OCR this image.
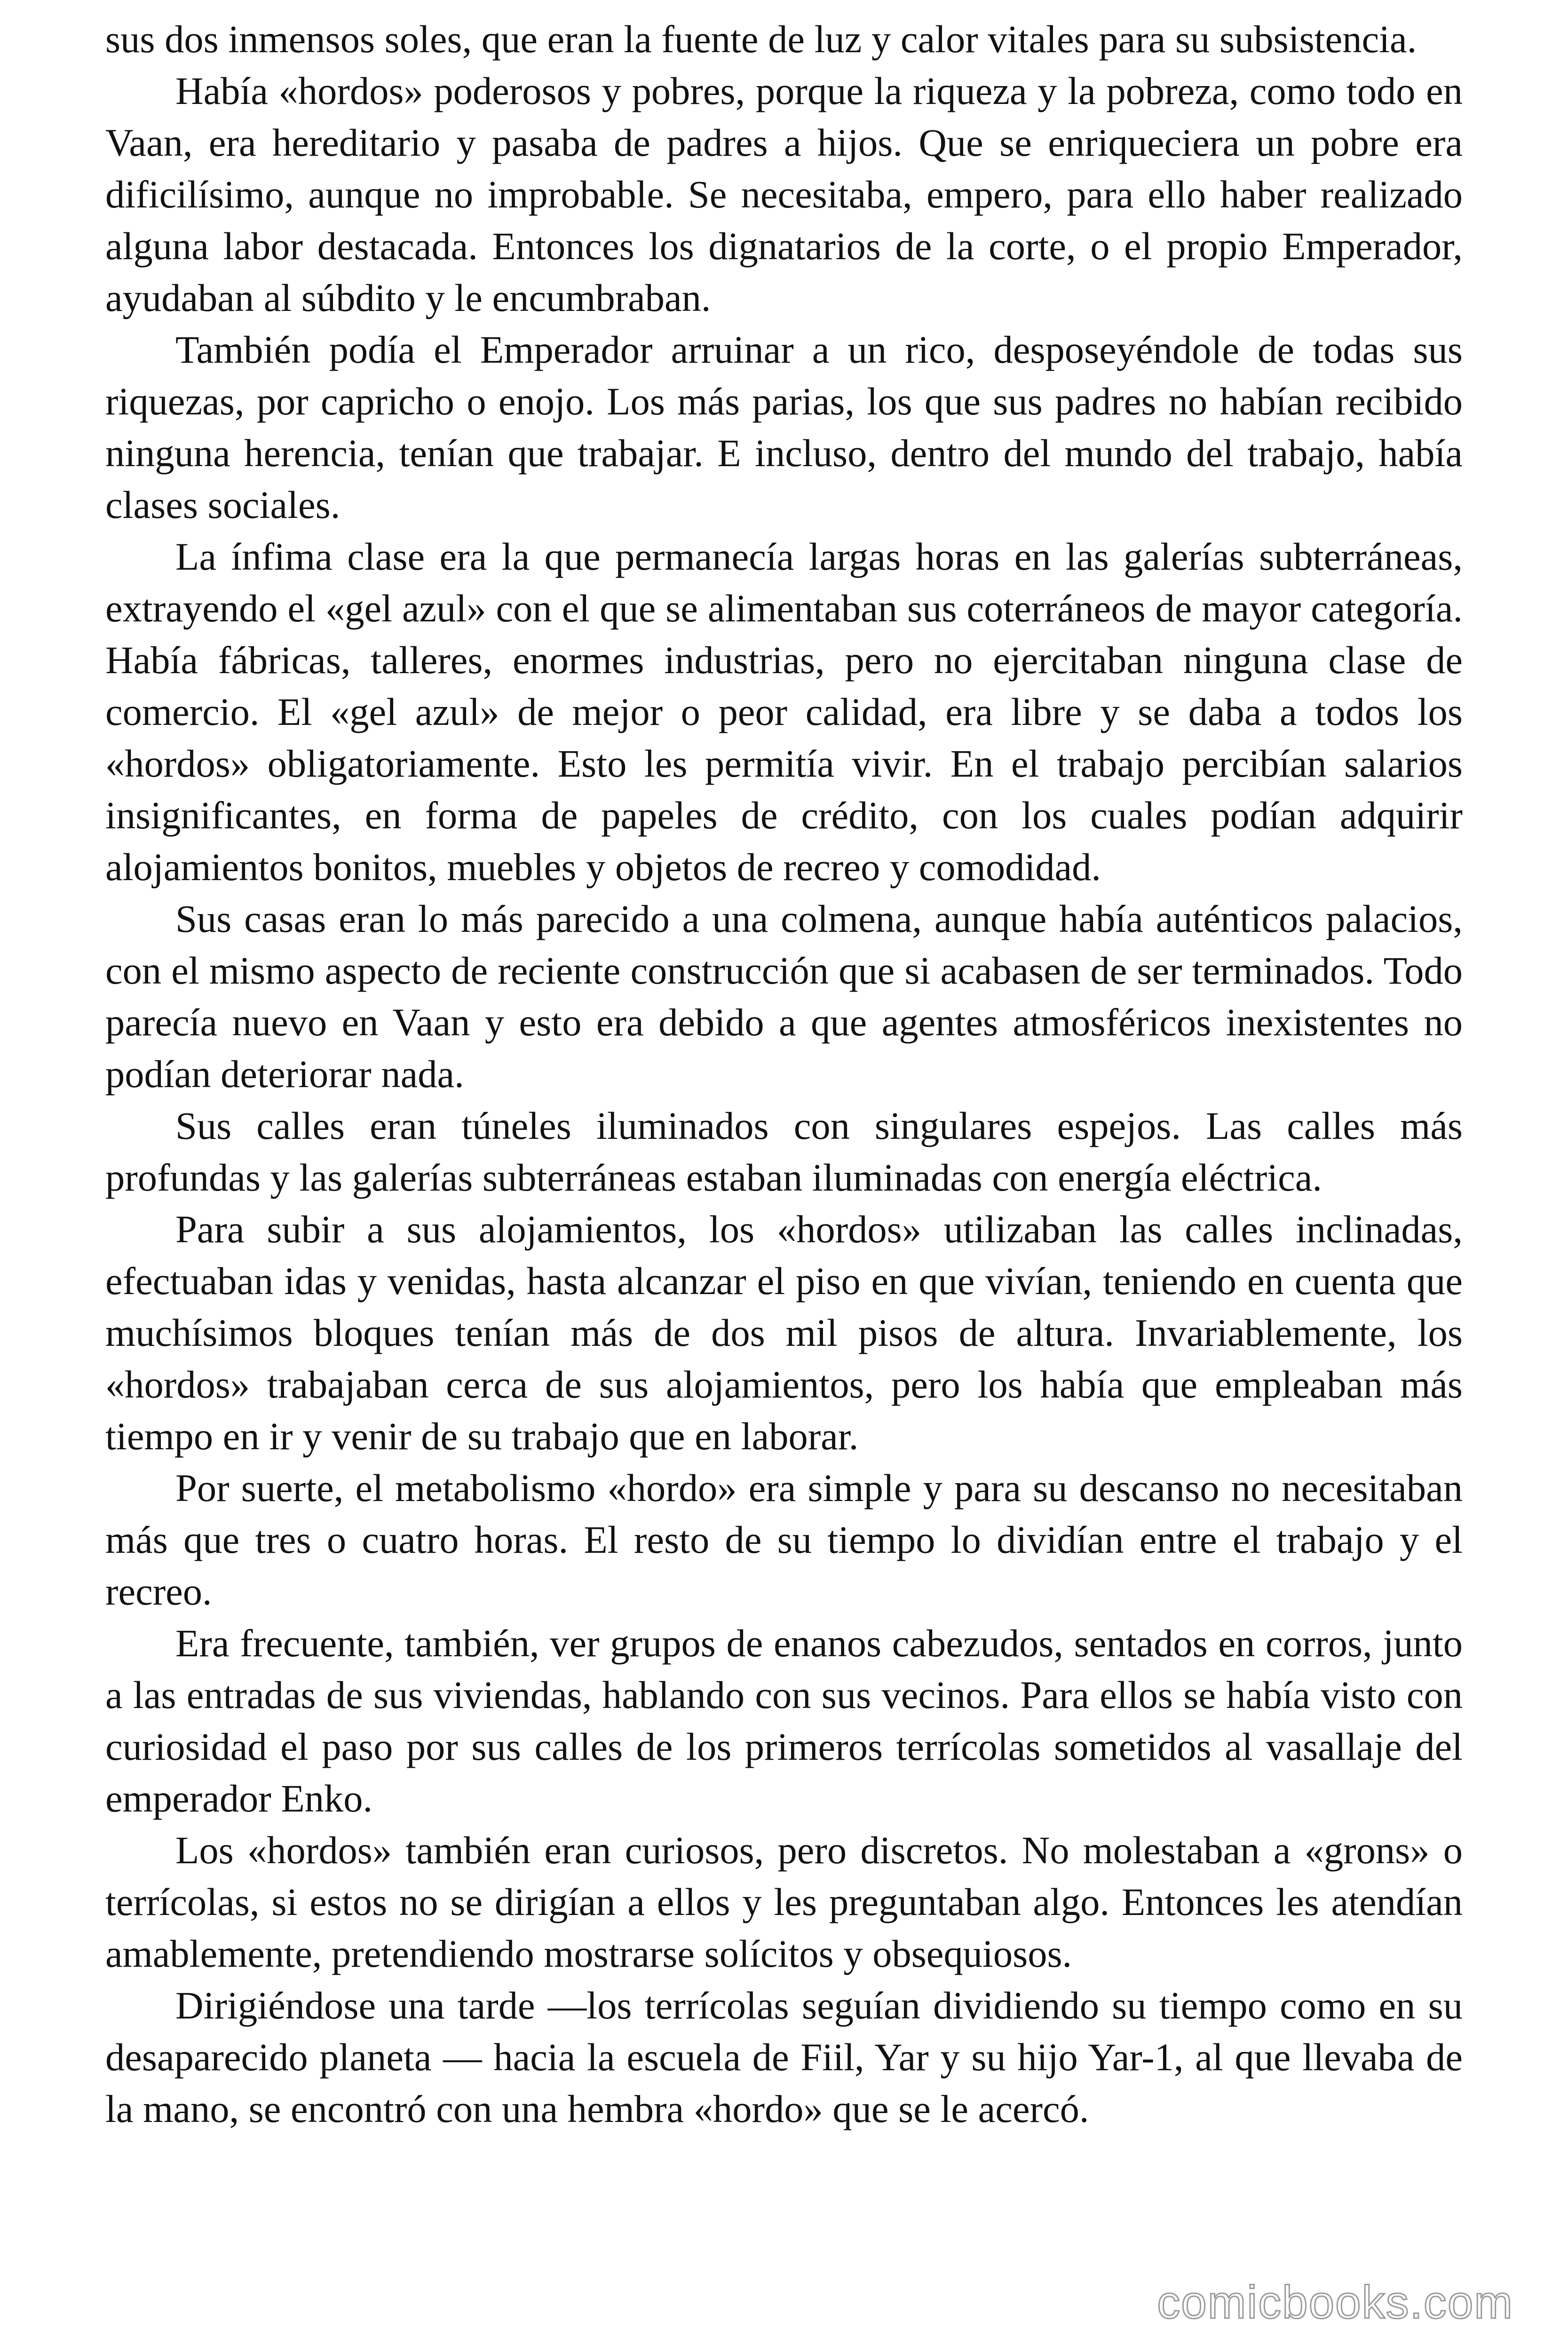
sus dos inmensos soles, que eran la fuente de luz y calor vitales para su subsistencia.

Había «hordos» poderosos y pobres, porque la riqueza y la pobreza, como todo en Vaan, era hereditario y pasaba de padres a hijos. Que se enriqueciera un pobre era dificilísimo, aunque no improbable. Se necesitaba, empero, para ello haber realizado alguna labor destacada. Entonces los dignatarios de la corte, o el propio Emperador, ayudaban al súbdito y le encumbraban.

También podía el Emperador arruinar a un rico, desposeyéndole de todas sus riquezas, por capricho o enojo. Los más parias, los que sus padres no habían recibido ninguna herencia, tenían que trabajar. E incluso, dentro del mundo del trabajo, había clases sociales.

La ínfima clase era la que permanecía largas horas en las galerías subterráneas, extrayendo el «gel azul» con el que se alimentaban sus coterráneos de mayor categoría. Había fábricas, talleres, enormes industrias, pero no ejercitaban ninguna clase de comercio. El «gel azul» de mejor o peor calidad, era libre y se daba a todos los «hordos» obligatoriamente. Esto les permitía vivir. En el trabajo percibían salarios insignificantes, en forma de papeles de crédito, con los cuales podían adquirir alojamientos bonitos, muebles y objetos de recreo y comodidad.

Sus casas eran lo más parecido a una colmena, aunque había auténticos palacios, con el mismo aspecto de reciente construcción que si acabasen de ser terminados. Todo parecía nuevo en Vaan y esto era debido a que agentes atmosféricos inexistentes no podían deteriorar nada.

Sus calles eran túneles iluminados con singulares espejos. Las calles más profundas y las galerías subterráneas estaban iluminadas con energía eléctrica.

Para subir a sus alojamientos, los «hordos» utilizaban las calles inclinadas, efectuaban idas y venidas, hasta alcanzar el piso en que vivían, teniendo en cuenta que muchísimos bloques tenían más de dos mil pisos de altura. Invariablemente, los «hordos» trabajaban cerca de sus alojamientos, pero los había que empleaban más tiempo en ir y venir de su trabajo que en laborar.

Por suerte, el metabolismo «hordo» era simple y para su descanso no necesitaban más que tres o cuatro horas. El resto de su tiempo lo dividían entre el trabajo y el recreo.

Era frecuente, también, ver grupos de enanos cabezudos, sentados en corros, junto a las entradas de sus viviendas, hablando con sus vecinos. Para ellos se había visto con curiosidad el paso por sus calles de los primeros terrícolas sometidos al vasallaje del emperador Enko.

Los «hordos» también eran curiosos, pero discretos. No molestaban a «grons» o terrícolas, si estos no se dirigían a ellos y les preguntaban algo. Entonces les atendían amablemente, pretendiendo mostrarse solícitos y obsequiosos.

Dirigiéndose una tarde —los terrícolas seguían dividiendo su tiempo como en su desaparecido planeta — hacia la escuela de Fiil, Yar y su hijo Yar-1, al que llevaba de la mano, se encontró con una hembra «hordo» que se le acercó.

comicbooks.com
